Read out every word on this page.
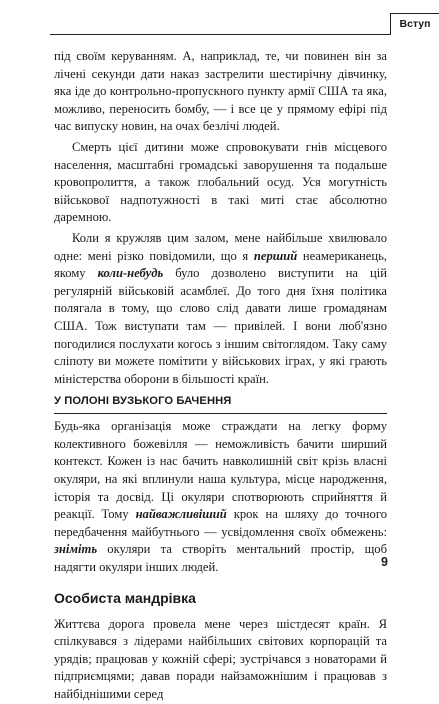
Вступ

під своїм керуванням. А, наприклад, те, чи повинен він за лічені секунди дати наказ застрелити шестирічну дівчинку, яка іде до контрольно-пропускного пункту армії США та яка, можливо, переносить бомбу, — і все це у прямому ефірі під час випуску новин, на очах безлічі людей.

Смерть цієї дитини може спровокувати гнів місцевого населення, масштабні громадські заворушення та подальше кровопролиття, а також глобальний осуд. Уся могутність військової надпотужності в такі миті стає абсолютно даремною.

Коли я кружляв цим залом, мене найбільше хвилювало одне: мені різко повідомили, що я перший неамериканець, якому коли-небудь було дозволено виступити на цій регулярній військовій асамблеї. До того дня їхня політика полягала в тому, що слово слід давати лише громадянам США. Тож виступати там — привілей. І вони люб'язно погодилися послухати когось з іншим світоглядом. Таку саму сліпоту ви можете помітити у військових іграх, у які грають міністерства оборони в більшості країн.

У ПОЛОНІ ВУЗЬКОГО БАЧЕННЯ

Будь-яка організація може страждати на легку форму колективного божевілля — неможливість бачити ширший контекст. Кожен із нас бачить навколишній світ крізь власні окуляри, на які вплинули наша культура, місце народження, історія та досвід. Ці окуляри спотворюють сприйняття й реакції. Тому найважливіший крок на шляху до точного передбачення майбутнього — усвідомлення своїх обмежень: зніміть окуляри та створіть ментальний простір, щоб надягти окуляри інших людей.

Особиста мандрівка

Життєва дорога провела мене через шістдесят країн. Я спілкувався з лідерами найбільших світових корпорацій та урядів; працював у кожній сфері; зустрічався з новаторами й підприємцями; давав поради найзаможнішим і працював з найбіднішими серед

9
